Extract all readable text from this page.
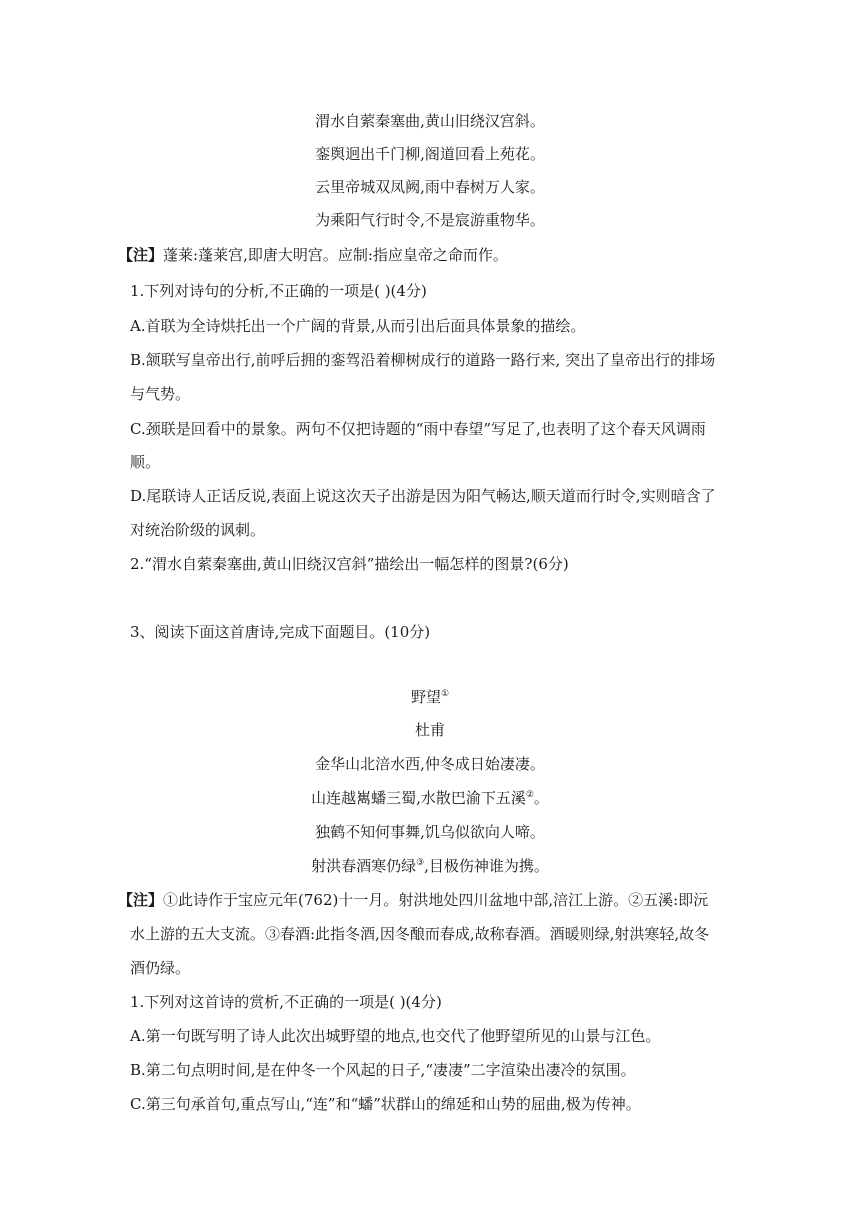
渭水自萦秦塞曲,黄山旧绕汉宫斜。
銮舆迥出千门柳,阁道回看上苑花。
云里帝城双凤阙,雨中春树万人家。
为乘阳气行时令,不是宸游重物华。
【注】蓬莱:蓬莱宫,即唐大明宫。应制:指应皇帝之命而作。
1.下列对诗句的分析,不正确的一项是( )(4分)
A.首联为全诗烘托出一个广阔的背景,从而引出后面具体景象的描绘。
B.颔联写皇帝出行,前呼后拥的銮驾沿着柳树成行的道路一路行来, 突出了皇帝出行的排场
与气势。
C.颈联是回看中的景象。两句不仅把诗题的“雨中春望”写足了,也表明了这个春天风调雨
顺。
D.尾联诗人正话反说,表面上说这次天子出游是因为阳气畅达,顺天道而行时令,实则暗含了
对统治阶级的讽刺。
2.“渭水自萦秦塞曲,黄山旧绕汉宫斜”描绘出一幅怎样的图景?(6分)
3、阅读下面这首唐诗,完成下面题目。(10分)
野望①
杜甫
金华山北涪水西,仲冬成日始凄凄。
山连越嶲蟠三蜀,水散巴渝下五溪②。
独鹤不知何事舞,饥乌似欲向人啼。
射洪春酒寒仍绿③,目极伤神谁为携。
【注】①此诗作于宝应元年(762)十一月。射洪地处四川盆地中部,涪江上游。②五溪:即沅
水上游的五大支流。③春酒:此指冬酒,因冬酿而春成,故称春酒。酒暖则绿,射洪寒轻,故冬
酒仍绿。
1.下列对这首诗的赏析,不正确的一项是( )(4分)
A.第一句既写明了诗人此次出城野望的地点,也交代了他野望所见的山景与江色。
B.第二句点明时间,是在仲冬一个风起的日子,“凄凄”二字渲染出凄冷的氛围。
C.第三句承首句,重点写山,“连”和“蟠”状群山的绵延和山势的屈曲,极为传神。
